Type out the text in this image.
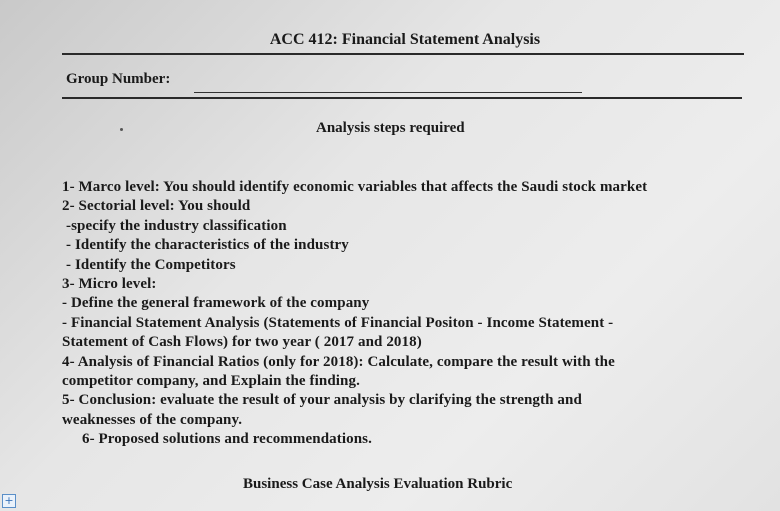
ACC 412: Financial Statement Analysis
Group Number:
Analysis steps required
1- Marco level: You should identify economic variables that affects the Saudi stock market
2- Sectorial level: You should
-specify the industry classification
- Identify the characteristics of the industry
- Identify the Competitors
3- Micro level:
- Define the general framework of the company
- Financial Statement Analysis (Statements of Financial Positon - Income Statement -
Statement of Cash Flows) for two year ( 2017 and 2018)
4- Analysis of Financial Ratios (only for 2018): Calculate, compare the result with the
competitor company, and Explain the finding.
5- Conclusion: evaluate the result of your analysis by clarifying the strength and
weaknesses of the company.
6- Proposed solutions and recommendations.
Business Case Analysis Evaluation Rubric
+
